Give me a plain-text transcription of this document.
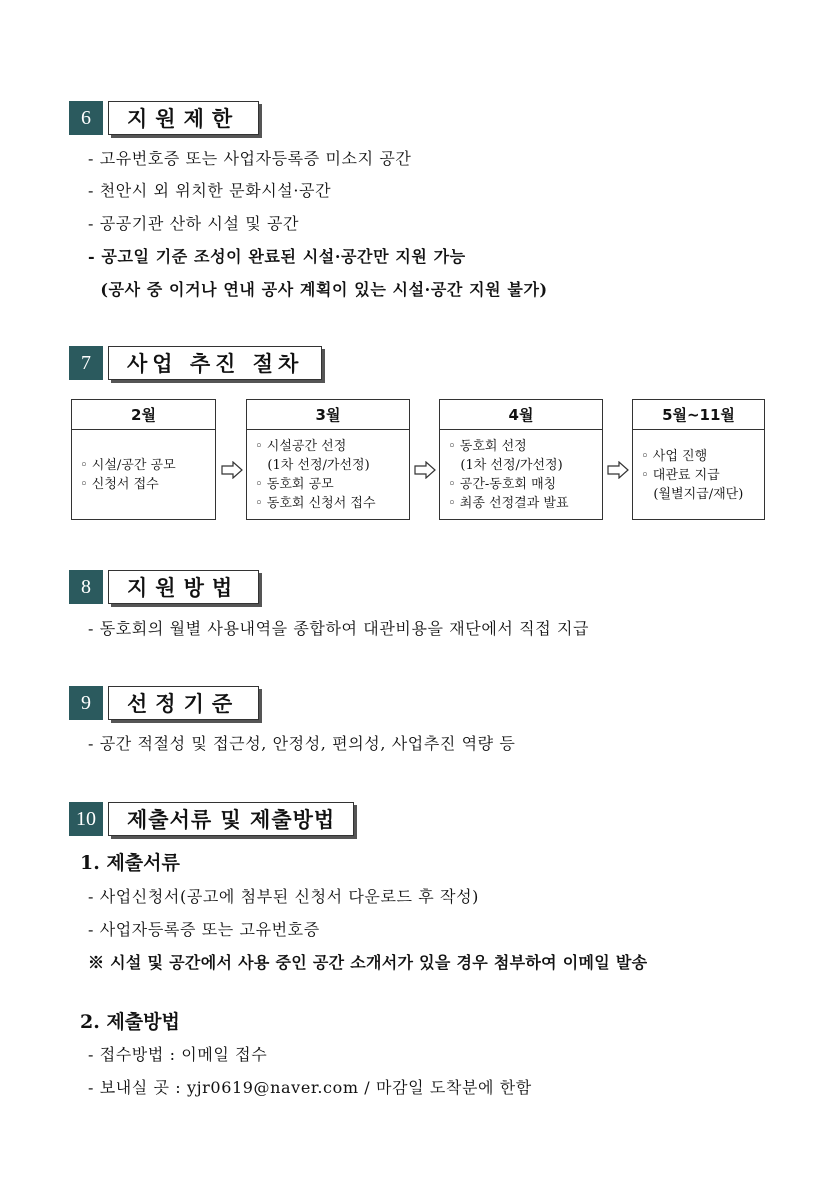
6	지원제한
- 고유번호증 또는 사업자등록증 미소지 공간
- 천안시 외 위치한 문화시설·공간
- 공공기관 산하 시설 및 공간
- 공고일 기준 조성이 완료된 시설·공간만 지원 가능
(공사 중 이거나 연내 공사 계획이 있는 시설·공간 지원 불가)
7	사업 추진 절차
2월
◦ 시설/공간 공모
◦ 신청서 접수
3월
◦ 시설공간 선정
(1차 선정/가선정)
◦ 동호회 공모
◦ 동호회 신청서 접수
4월
◦ 동호회 선정
(1차 선정/가선정)
◦ 공간-동호회 매칭
◦ 최종 선정결과 발표
5월~11월
◦ 사업 진행
◦ 대관료 지급
(월별지급/재단)
8	지원방법
- 동호회의 월별 사용내역을 종합하여 대관비용을 재단에서 직접 지급
9	선정기준
- 공간 적절성 및 접근성, 안정성, 편의성, 사업추진 역량 등
10	제출서류 및 제출방법
1. 제출서류
- 사업신청서(공고에 첨부된 신청서 다운로드 후 작성)
- 사업자등록증 또는 고유번호증
※ 시설 및 공간에서 사용 중인 공간 소개서가 있을 경우 첨부하여 이메일 발송
2. 제출방법
- 접수방법 : 이메일 접수
- 보내실 곳 : yjr0619@naver.com / 마감일 도착분에 한함
